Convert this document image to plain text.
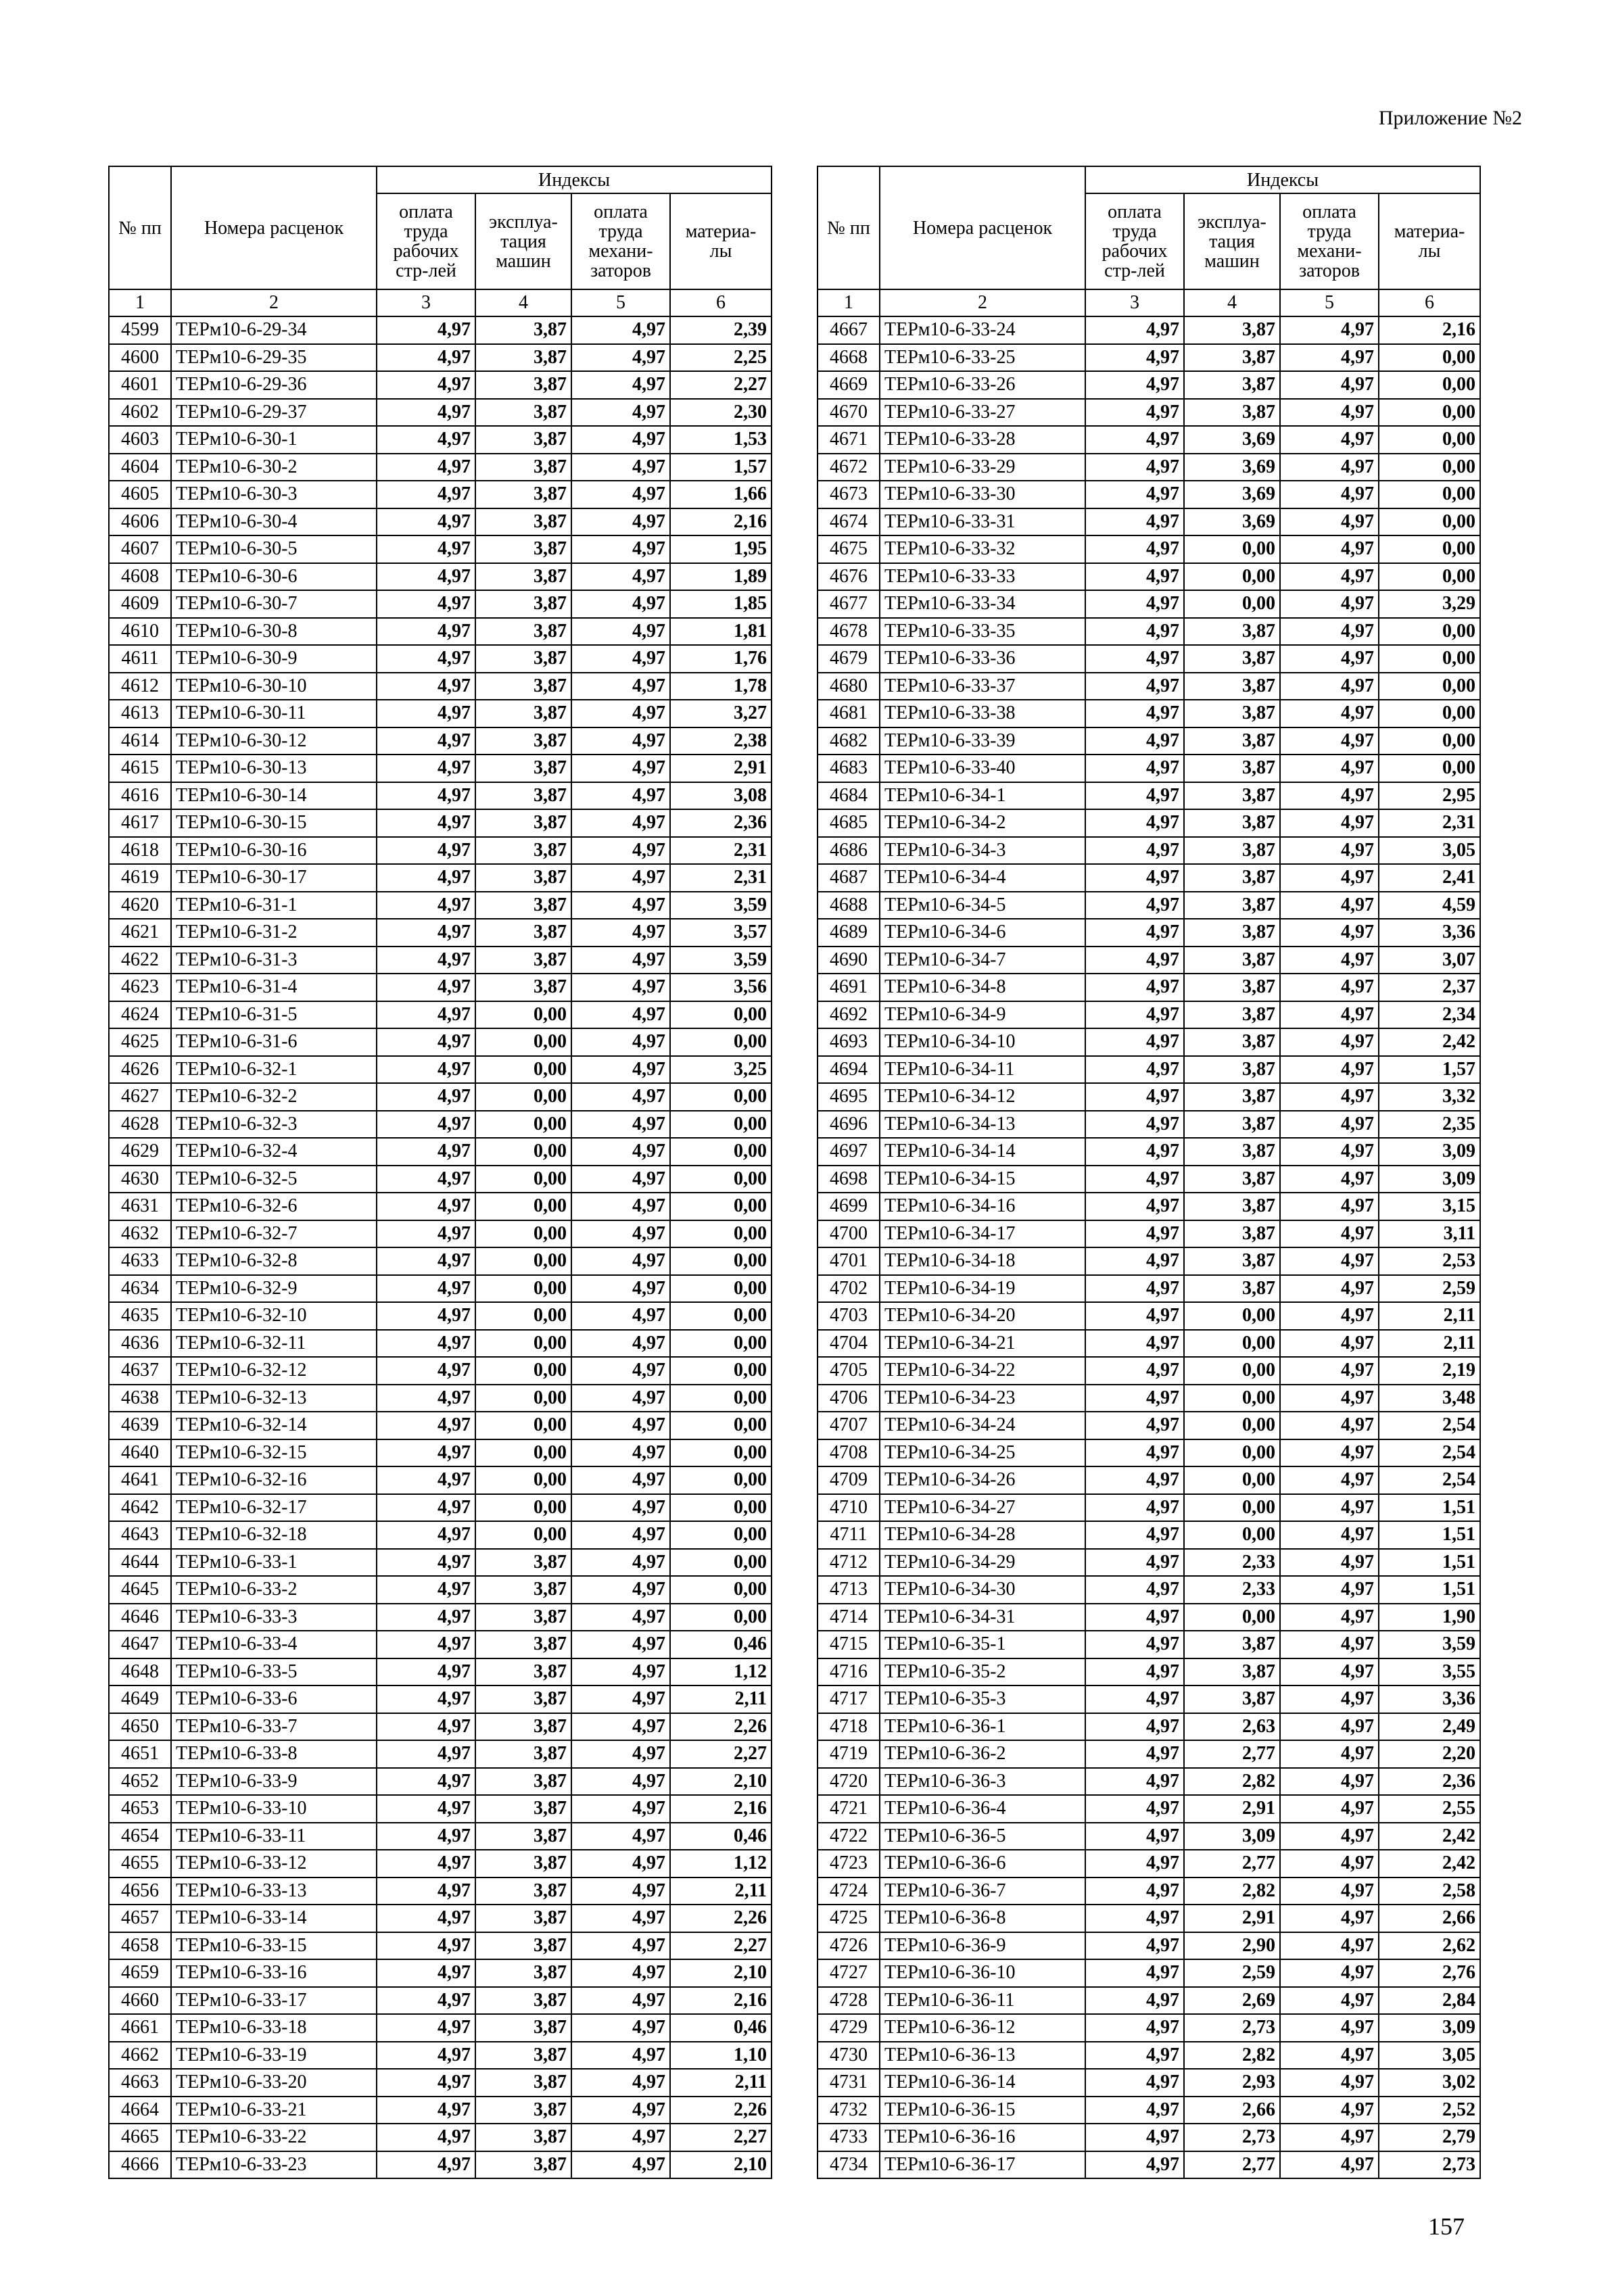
Приложение №2
№ пп	Номера расценок	Индексы			
		оплата труда рабочих стр-лей	эксплуа-тация машин	оплата труда механи-заторов	материа-лы
1	2	3	4	5	6
4599	ТЕРм10-6-29-34	4,97	3,87	4,97	2,39
4600	ТЕРм10-6-29-35	4,97	3,87	4,97	2,25
4601	ТЕРм10-6-29-36	4,97	3,87	4,97	2,27
4602	ТЕРм10-6-29-37	4,97	3,87	4,97	2,30
4603	ТЕРм10-6-30-1	4,97	3,87	4,97	1,53
4604	ТЕРм10-6-30-2	4,97	3,87	4,97	1,57
4605	ТЕРм10-6-30-3	4,97	3,87	4,97	1,66
4606	ТЕРм10-6-30-4	4,97	3,87	4,97	2,16
4607	ТЕРм10-6-30-5	4,97	3,87	4,97	1,95
4608	ТЕРм10-6-30-6	4,97	3,87	4,97	1,89
4609	ТЕРм10-6-30-7	4,97	3,87	4,97	1,85
4610	ТЕРм10-6-30-8	4,97	3,87	4,97	1,81
4611	ТЕРм10-6-30-9	4,97	3,87	4,97	1,76
4612	ТЕРм10-6-30-10	4,97	3,87	4,97	1,78
4613	ТЕРм10-6-30-11	4,97	3,87	4,97	3,27
4614	ТЕРм10-6-30-12	4,97	3,87	4,97	2,38
4615	ТЕРм10-6-30-13	4,97	3,87	4,97	2,91
4616	ТЕРм10-6-30-14	4,97	3,87	4,97	3,08
4617	ТЕРм10-6-30-15	4,97	3,87	4,97	2,36
4618	ТЕРм10-6-30-16	4,97	3,87	4,97	2,31
4619	ТЕРм10-6-30-17	4,97	3,87	4,97	2,31
4620	ТЕРм10-6-31-1	4,97	3,87	4,97	3,59
4621	ТЕРм10-6-31-2	4,97	3,87	4,97	3,57
4622	ТЕРм10-6-31-3	4,97	3,87	4,97	3,59
4623	ТЕРм10-6-31-4	4,97	3,87	4,97	3,56
4624	ТЕРм10-6-31-5	4,97	0,00	4,97	0,00
4625	ТЕРм10-6-31-6	4,97	0,00	4,97	0,00
4626	ТЕРм10-6-32-1	4,97	0,00	4,97	3,25
4627	ТЕРм10-6-32-2	4,97	0,00	4,97	0,00
4628	ТЕРм10-6-32-3	4,97	0,00	4,97	0,00
4629	ТЕРм10-6-32-4	4,97	0,00	4,97	0,00
4630	ТЕРм10-6-32-5	4,97	0,00	4,97	0,00
4631	ТЕРм10-6-32-6	4,97	0,00	4,97	0,00
4632	ТЕРм10-6-32-7	4,97	0,00	4,97	0,00
4633	ТЕРм10-6-32-8	4,97	0,00	4,97	0,00
4634	ТЕРм10-6-32-9	4,97	0,00	4,97	0,00
4635	ТЕРм10-6-32-10	4,97	0,00	4,97	0,00
4636	ТЕРм10-6-32-11	4,97	0,00	4,97	0,00
4637	ТЕРм10-6-32-12	4,97	0,00	4,97	0,00
4638	ТЕРм10-6-32-13	4,97	0,00	4,97	0,00
4639	ТЕРм10-6-32-14	4,97	0,00	4,97	0,00
4640	ТЕРм10-6-32-15	4,97	0,00	4,97	0,00
4641	ТЕРм10-6-32-16	4,97	0,00	4,97	0,00
4642	ТЕРм10-6-32-17	4,97	0,00	4,97	0,00
4643	ТЕРм10-6-32-18	4,97	0,00	4,97	0,00
4644	ТЕРм10-6-33-1	4,97	3,87	4,97	0,00
4645	ТЕРм10-6-33-2	4,97	3,87	4,97	0,00
4646	ТЕРм10-6-33-3	4,97	3,87	4,97	0,00
4647	ТЕРм10-6-33-4	4,97	3,87	4,97	0,46
4648	ТЕРм10-6-33-5	4,97	3,87	4,97	1,12
4649	ТЕРм10-6-33-6	4,97	3,87	4,97	2,11
4650	ТЕРм10-6-33-7	4,97	3,87	4,97	2,26
4651	ТЕРм10-6-33-8	4,97	3,87	4,97	2,27
4652	ТЕРм10-6-33-9	4,97	3,87	4,97	2,10
4653	ТЕРм10-6-33-10	4,97	3,87	4,97	2,16
4654	ТЕРм10-6-33-11	4,97	3,87	4,97	0,46
4655	ТЕРм10-6-33-12	4,97	3,87	4,97	1,12
4656	ТЕРм10-6-33-13	4,97	3,87	4,97	2,11
4657	ТЕРм10-6-33-14	4,97	3,87	4,97	2,26
4658	ТЕРм10-6-33-15	4,97	3,87	4,97	2,27
4659	ТЕРм10-6-33-16	4,97	3,87	4,97	2,10
4660	ТЕРм10-6-33-17	4,97	3,87	4,97	2,16
4661	ТЕРм10-6-33-18	4,97	3,87	4,97	0,46
4662	ТЕРм10-6-33-19	4,97	3,87	4,97	1,10
4663	ТЕРм10-6-33-20	4,97	3,87	4,97	2,11
4664	ТЕРм10-6-33-21	4,97	3,87	4,97	2,26
4665	ТЕРм10-6-33-22	4,97	3,87	4,97	2,27
4666	ТЕРм10-6-33-23	4,97	3,87	4,97	2,10
№ пп	Номера расценок	Индексы			
		оплата труда рабочих стр-лей	эксплуа-тация машин	оплата труда механи-заторов	материа-лы
1	2	3	4	5	6
4667	ТЕРм10-6-33-24	4,97	3,87	4,97	2,16
4668	ТЕРм10-6-33-25	4,97	3,87	4,97	0,00
4669	ТЕРм10-6-33-26	4,97	3,87	4,97	0,00
4670	ТЕРм10-6-33-27	4,97	3,87	4,97	0,00
4671	ТЕРм10-6-33-28	4,97	3,69	4,97	0,00
4672	ТЕРм10-6-33-29	4,97	3,69	4,97	0,00
4673	ТЕРм10-6-33-30	4,97	3,69	4,97	0,00
4674	ТЕРм10-6-33-31	4,97	3,69	4,97	0,00
4675	ТЕРм10-6-33-32	4,97	0,00	4,97	0,00
4676	ТЕРм10-6-33-33	4,97	0,00	4,97	0,00
4677	ТЕРм10-6-33-34	4,97	0,00	4,97	3,29
4678	ТЕРм10-6-33-35	4,97	3,87	4,97	0,00
4679	ТЕРм10-6-33-36	4,97	3,87	4,97	0,00
4680	ТЕРм10-6-33-37	4,97	3,87	4,97	0,00
4681	ТЕРм10-6-33-38	4,97	3,87	4,97	0,00
4682	ТЕРм10-6-33-39	4,97	3,87	4,97	0,00
4683	ТЕРм10-6-33-40	4,97	3,87	4,97	0,00
4684	ТЕРм10-6-34-1	4,97	3,87	4,97	2,95
4685	ТЕРм10-6-34-2	4,97	3,87	4,97	2,31
4686	ТЕРм10-6-34-3	4,97	3,87	4,97	3,05
4687	ТЕРм10-6-34-4	4,97	3,87	4,97	2,41
4688	ТЕРм10-6-34-5	4,97	3,87	4,97	4,59
4689	ТЕРм10-6-34-6	4,97	3,87	4,97	3,36
4690	ТЕРм10-6-34-7	4,97	3,87	4,97	3,07
4691	ТЕРм10-6-34-8	4,97	3,87	4,97	2,37
4692	ТЕРм10-6-34-9	4,97	3,87	4,97	2,34
4693	ТЕРм10-6-34-10	4,97	3,87	4,97	2,42
4694	ТЕРм10-6-34-11	4,97	3,87	4,97	1,57
4695	ТЕРм10-6-34-12	4,97	3,87	4,97	3,32
4696	ТЕРм10-6-34-13	4,97	3,87	4,97	2,35
4697	ТЕРм10-6-34-14	4,97	3,87	4,97	3,09
4698	ТЕРм10-6-34-15	4,97	3,87	4,97	3,09
4699	ТЕРм10-6-34-16	4,97	3,87	4,97	3,15
4700	ТЕРм10-6-34-17	4,97	3,87	4,97	3,11
4701	ТЕРм10-6-34-18	4,97	3,87	4,97	2,53
4702	ТЕРм10-6-34-19	4,97	3,87	4,97	2,59
4703	ТЕРм10-6-34-20	4,97	0,00	4,97	2,11
4704	ТЕРм10-6-34-21	4,97	0,00	4,97	2,11
4705	ТЕРм10-6-34-22	4,97	0,00	4,97	2,19
4706	ТЕРм10-6-34-23	4,97	0,00	4,97	3,48
4707	ТЕРм10-6-34-24	4,97	0,00	4,97	2,54
4708	ТЕРм10-6-34-25	4,97	0,00	4,97	2,54
4709	ТЕРм10-6-34-26	4,97	0,00	4,97	2,54
4710	ТЕРм10-6-34-27	4,97	0,00	4,97	1,51
4711	ТЕРм10-6-34-28	4,97	0,00	4,97	1,51
4712	ТЕРм10-6-34-29	4,97	2,33	4,97	1,51
4713	ТЕРм10-6-34-30	4,97	2,33	4,97	1,51
4714	ТЕРм10-6-34-31	4,97	0,00	4,97	1,90
4715	ТЕРм10-6-35-1	4,97	3,87	4,97	3,59
4716	ТЕРм10-6-35-2	4,97	3,87	4,97	3,55
4717	ТЕРм10-6-35-3	4,97	3,87	4,97	3,36
4718	ТЕРм10-6-36-1	4,97	2,63	4,97	2,49
4719	ТЕРм10-6-36-2	4,97	2,77	4,97	2,20
4720	ТЕРм10-6-36-3	4,97	2,82	4,97	2,36
4721	ТЕРм10-6-36-4	4,97	2,91	4,97	2,55
4722	ТЕРм10-6-36-5	4,97	3,09	4,97	2,42
4723	ТЕРм10-6-36-6	4,97	2,77	4,97	2,42
4724	ТЕРм10-6-36-7	4,97	2,82	4,97	2,58
4725	ТЕРм10-6-36-8	4,97	2,91	4,97	2,66
4726	ТЕРм10-6-36-9	4,97	2,90	4,97	2,62
4727	ТЕРм10-6-36-10	4,97	2,59	4,97	2,76
4728	ТЕРм10-6-36-11	4,97	2,69	4,97	2,84
4729	ТЕРм10-6-36-12	4,97	2,73	4,97	3,09
4730	ТЕРм10-6-36-13	4,97	2,82	4,97	3,05
4731	ТЕРм10-6-36-14	4,97	2,93	4,97	3,02
4732	ТЕРм10-6-36-15	4,97	2,66	4,97	2,52
4733	ТЕРм10-6-36-16	4,97	2,73	4,97	2,79
4734	ТЕРм10-6-36-17	4,97	2,77	4,97	2,73
157
